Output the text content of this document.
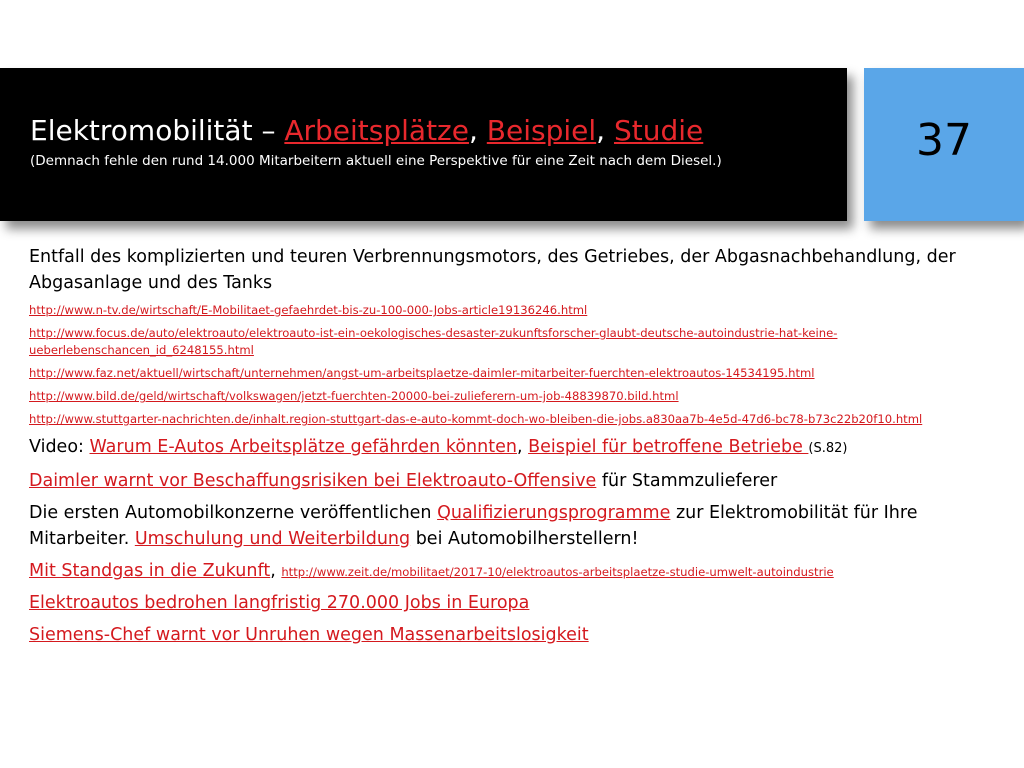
Elektromobilität – Arbeitsplätze, Beispiel, Studie
(Demnach fehle den rund 14.000 Mitarbeitern aktuell eine Perspektive für eine Zeit nach dem Diesel.)	37

Entfall des komplizierten und teuren Verbrennungsmotors, des Getriebes, der Abgasnachbehandlung, der Abgasanlage und des Tanks

http://www.n-tv.de/wirtschaft/E-Mobilitaet-gefaehrdet-bis-zu-100-000-Jobs-article19136246.html

http://www.focus.de/auto/elektroauto/elektroauto-ist-ein-oekologisches-desaster-zukunftsforscher-glaubt-deutsche-autoindustrie-hat-keine-ueberlebenschancen_id_6248155.html

http://www.faz.net/aktuell/wirtschaft/unternehmen/angst-um-arbeitsplaetze-daimler-mitarbeiter-fuerchten-elektroautos-14534195.html

http://www.bild.de/geld/wirtschaft/volkswagen/jetzt-fuerchten-20000-bei-zulieferern-um-job-48839870.bild.html

http://www.stuttgarter-nachrichten.de/inhalt.region-stuttgart-das-e-auto-kommt-doch-wo-bleiben-die-jobs.a830aa7b-4e5d-47d6-bc78-b73c22b20f10.html

Video: Warum E-Autos Arbeitsplätze gefährden könnten, Beispiel für betroffene Betriebe (S.82)

Daimler warnt vor Beschaffungsrisiken bei Elektroauto-Offensive für Stammzulieferer

Die ersten Automobilkonzerne veröffentlichen Qualifizierungsprogramme zur Elektromobilität für Ihre Mitarbeiter. Umschulung und Weiterbildung bei Automobilherstellern!

Mit Standgas in die Zukunft, http://www.zeit.de/mobilitaet/2017-10/elektroautos-arbeitsplaetze-studie-umwelt-autoindustrie

Elektroautos bedrohen langfristig 270.000 Jobs in Europa

Siemens-Chef warnt vor Unruhen wegen Massenarbeitslosigkeit
